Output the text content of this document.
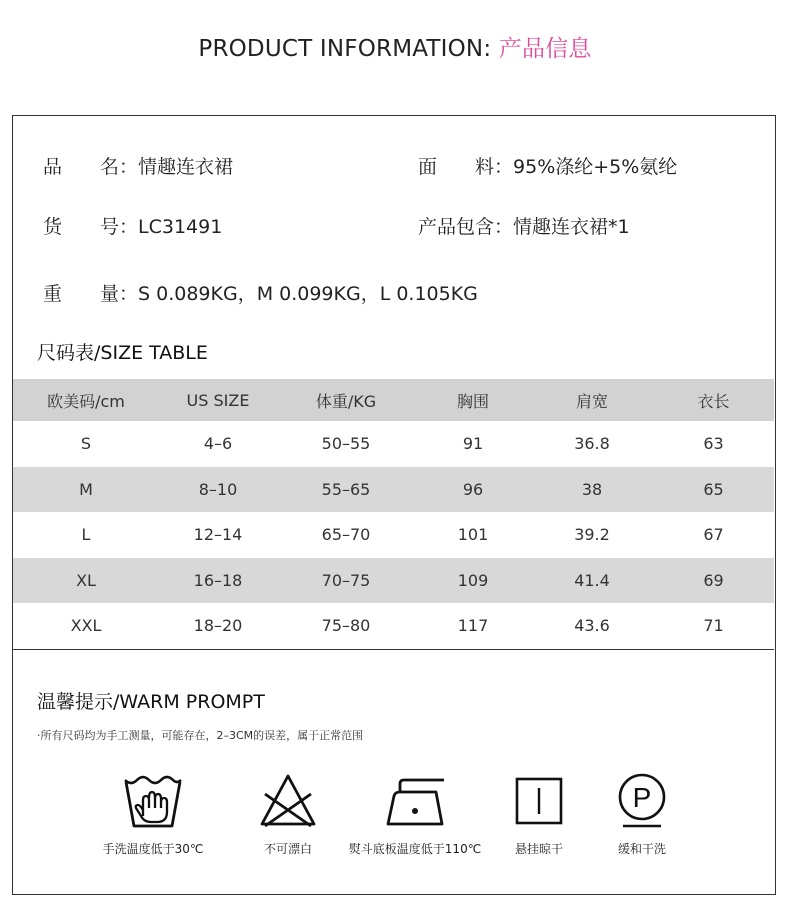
PRODUCT INFORMATION: 产品信息
品　　名：情趣连衣裙	面　　料：95%涤纶+5%氨纶
货　　号：LC31491	产品包含：情趣连衣裙*1
重　　量：S 0.089KG，M 0.099KG，L 0.105KG
尺码表/SIZE TABLE
欧美码/cm	US SIZE	体重/KG	胸围	肩宽	衣长
S	4–6	50–55	91	36.8	63
M	8–10	55–65	96	38	65
L	12–14	65–70	101	39.2	67
XL	16–18	70–75	109	41.4	69
XXL	18–20	75–80	117	43.6	71
温馨提示/WARM PROMPT
·所有尺码均为手工测量，可能存在，2–3CM的误差，属于正常范围
手洗温度低于30℃	不可漂白	熨斗底板温度低于110℃	悬挂晾干
P
缓和干洗
